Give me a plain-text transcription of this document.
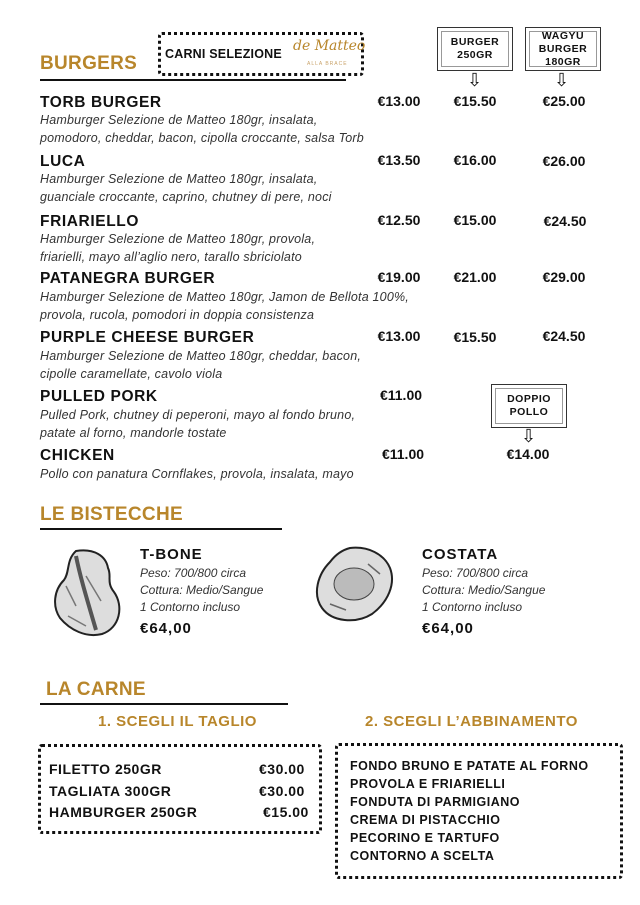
BURGERS CARNI SELEZIONE de Matteo
ALLA BRACE
BURGER 250GR
⇩
WAGYU
BURGER
180GR
⇩
TORB BURGER
Hamburger Selezione de Matteo 180gr, insalata,
pomodoro, cheddar, bacon, cipolla croccante, salsa Torb
€13.00	€15.50	€25.00
LUCA
Hamburger Selezione de Matteo 180gr, insalata,
guanciale croccante, caprino, chutney di pere, noci
€13.50	€16.00	€26.00
FRIARIELLO
Hamburger Selezione de Matteo 180gr, provola,
friarielli, mayo all’aglio nero, tarallo sbriciolato
€12.50	€15.00	€24.50
PATANEGRA BURGER
Hamburger Selezione de Matteo 180gr, Jamon de Bellota 100%,
provola, rucola, pomodori in doppia consistenza
€19.00	€21.00	€29.00
PURPLE CHEESE BURGER
Hamburger Selezione de Matteo 180gr, cheddar, bacon,
cipolle caramellate, cavolo viola
€13.00	€15.50	€24.50
PULLED PORK
Pulled Pork, chutney di peperoni, mayo al fondo bruno,
patate al forno, mandorle tostate
€11.00	DOPPIO
POLLO
⇩
CHICKEN
Pollo con panatura Cornflakes, provola, insalata, mayo
€11.00	€14.00
LE BISTECCHE
T-BONE
Peso: 700/800 circa
Cottura: Medio/Sangue
1 Contorno incluso
€64,00
COSTATA
Peso: 700/800 circa
Cottura: Medio/Sangue
1 Contorno incluso
€64,00
LA CARNE
1. SCEGLI IL TAGLIO	2. SCEGLI L’ABBINAMENTO
FILETTO 250GR	€30.00
TAGLIATA 300GR	€30.00
HAMBURGER 250GR	€15.00
FONDO BRUNO E PATATE AL FORNO
PROVOLA E FRIARIELLI
FONDUTA DI PARMIGIANO
CREMA DI PISTACCHIO
PECORINO E TARTUFO
CONTORNO A SCELTA
